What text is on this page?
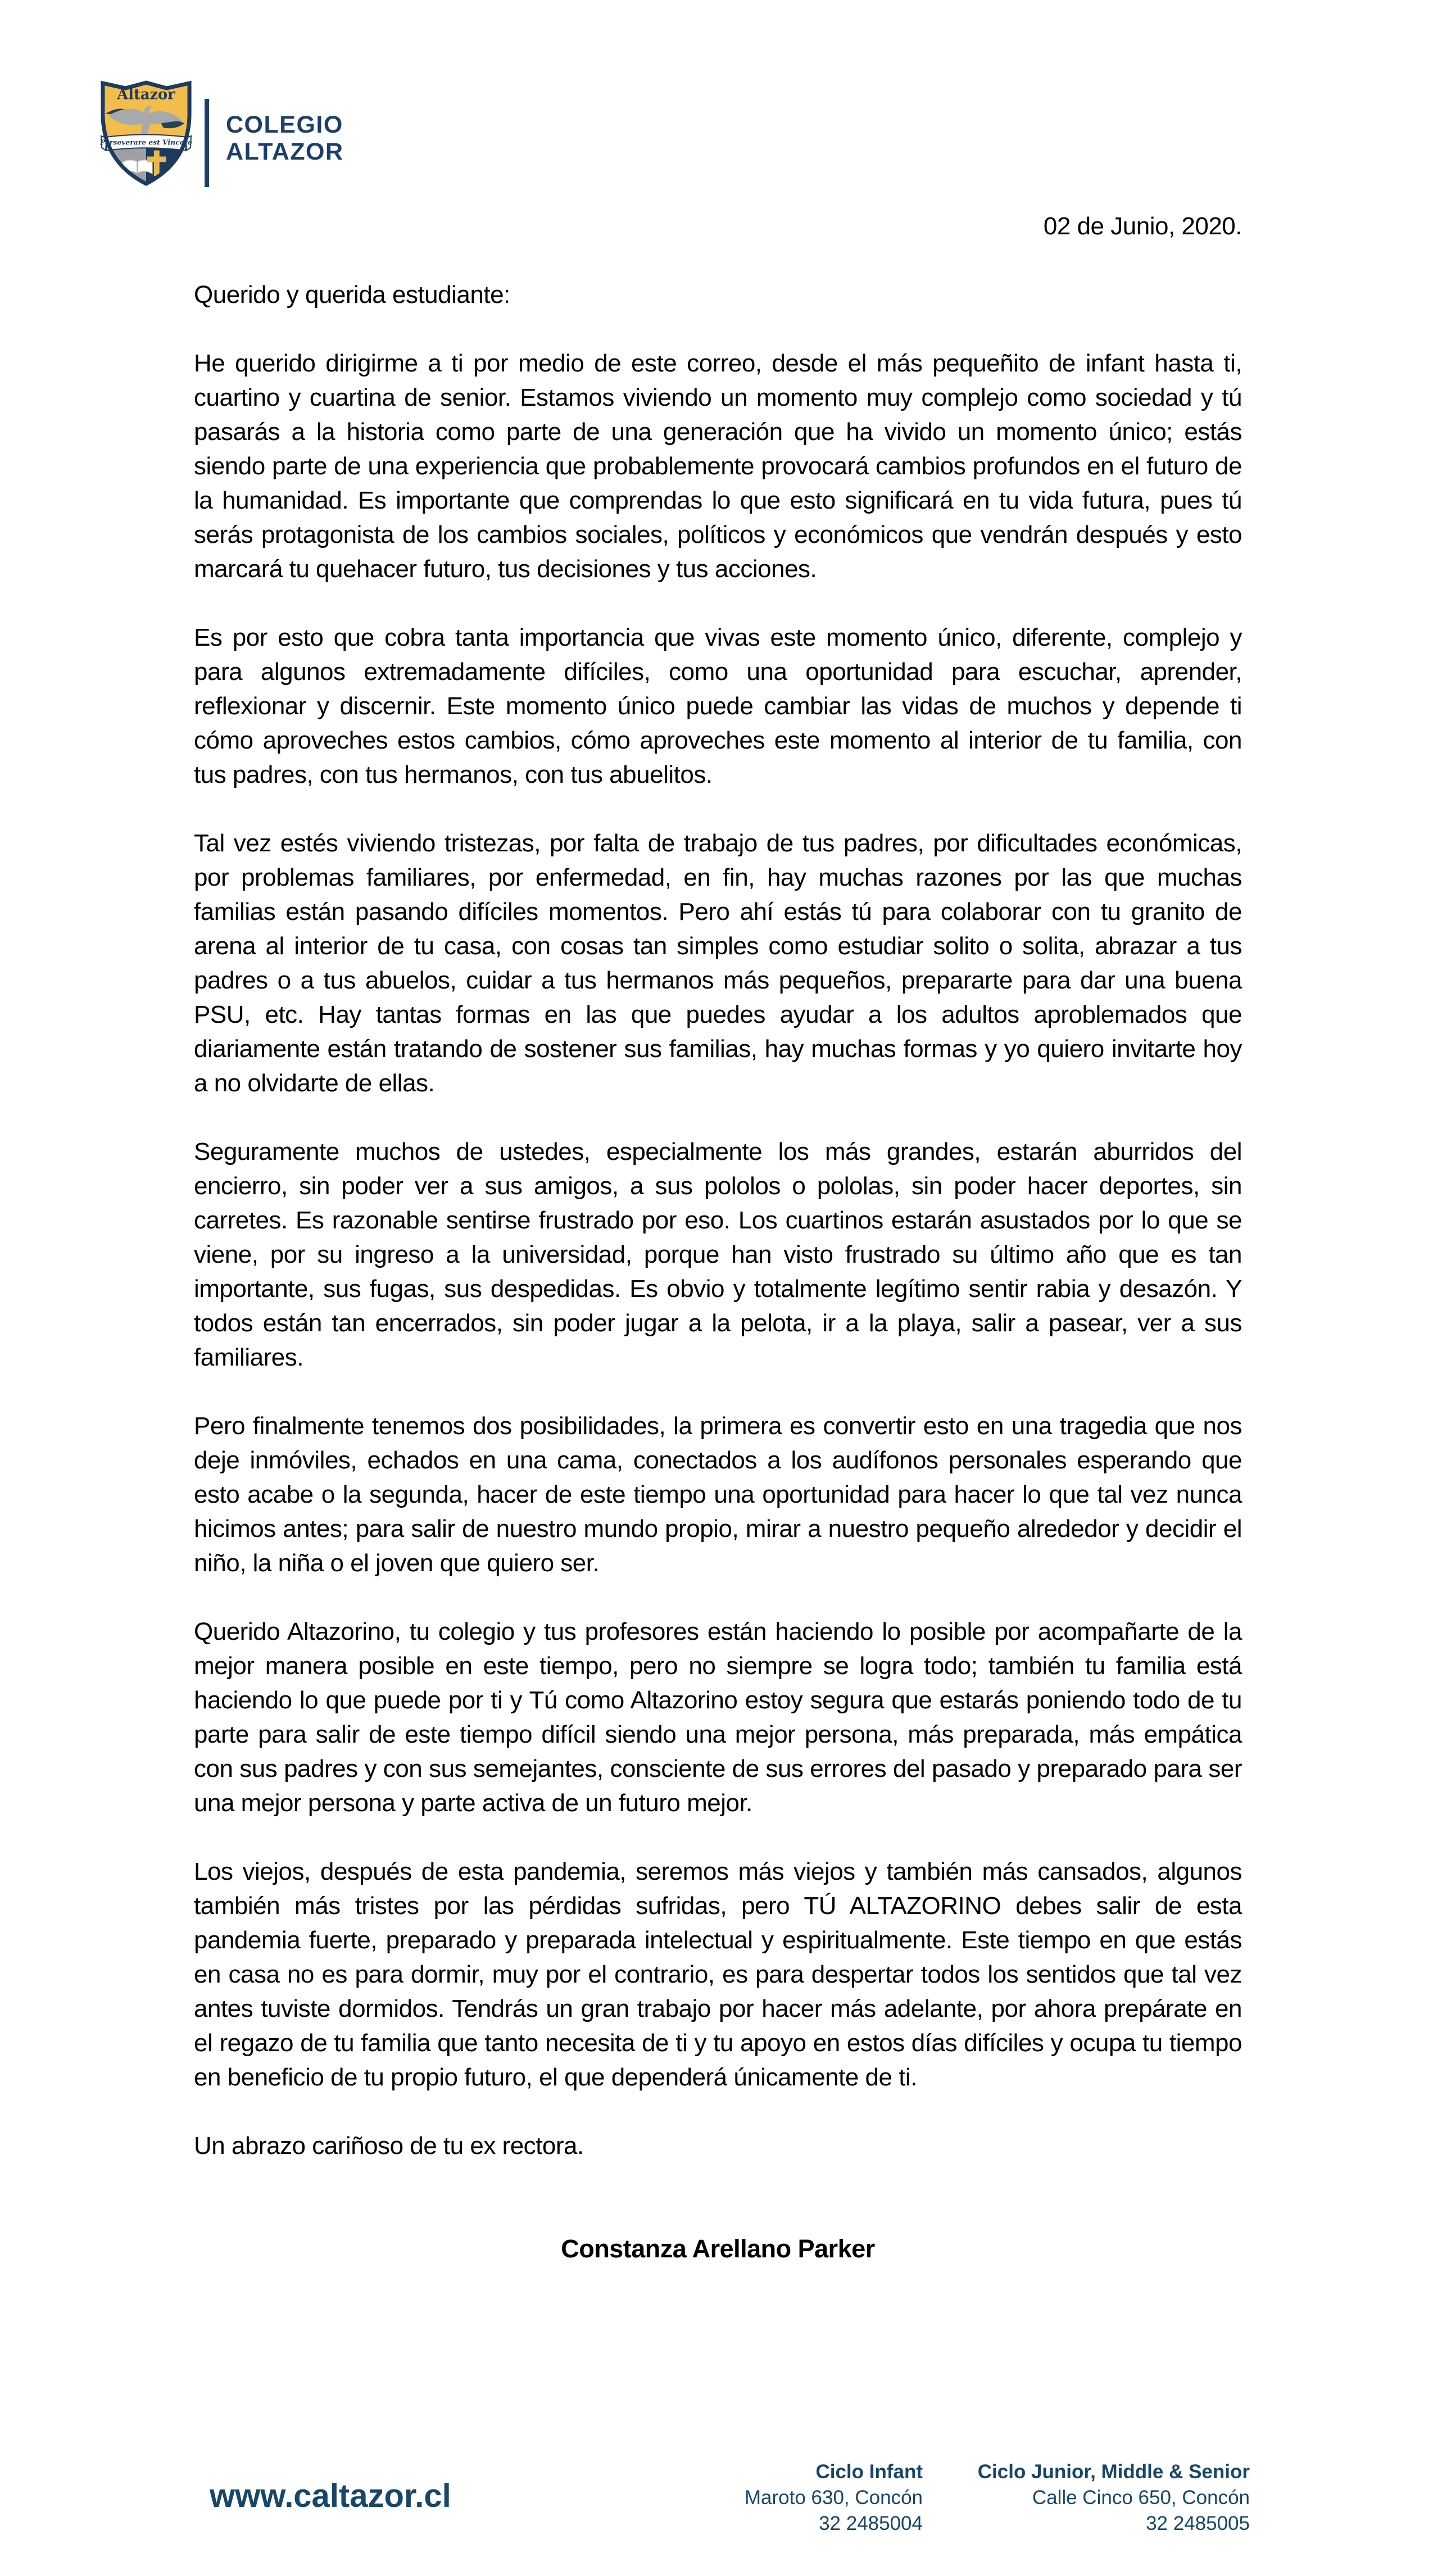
Perseverare est Vincere
Altazor
COLEGIO
ALTAZOR
02 de Junio, 2020.
Querido y querida estudiante:

He querido dirigirme a ti por medio de este correo, desde el más pequeñito de infant hasta ti, cuartino y cuartina de senior. Estamos viviendo un momento muy complejo como sociedad y tú pasarás a la historia como parte de una generación que ha vivido un momento único; estás siendo parte de una experiencia que probablemente provocará cambios profundos en el futuro de la humanidad. Es importante que comprendas lo que esto significará en tu vida futura, pues tú serás protagonista de los cambios sociales, políticos y económicos que vendrán después y esto marcará tu quehacer futuro, tus decisiones y tus acciones.

Es por esto que cobra tanta importancia que vivas este momento único, diferente, complejo y para algunos extremadamente difíciles, como una oportunidad para escuchar, aprender, reflexionar y discernir. Este momento único puede cambiar las vidas de muchos y depende ti cómo aproveches estos cambios, cómo aproveches este momento al interior de tu familia, con tus padres, con tus hermanos, con tus abuelitos.

Tal vez estés viviendo tristezas, por falta de trabajo de tus padres, por dificultades económicas, por problemas familiares, por enfermedad, en fin, hay muchas razones por las que muchas familias están pasando difíciles momentos. Pero ahí estás tú para colaborar con tu granito de arena al interior de tu casa, con cosas tan simples como estudiar solito o solita, abrazar a tus padres o a tus abuelos, cuidar a tus hermanos más pequeños, prepararte para dar una buena PSU, etc. Hay tantas formas en las que puedes ayudar a los adultos aproblemados que diariamente están tratando de sostener sus familias, hay muchas formas y yo quiero invitarte hoy a no olvidarte de ellas.

Seguramente muchos de ustedes, especialmente los más grandes, estarán aburridos del encierro, sin poder ver a sus amigos, a sus pololos o pololas, sin poder hacer deportes, sin carretes. Es razonable sentirse frustrado por eso. Los cuartinos estarán asustados por lo que se viene, por su ingreso a la universidad, porque han visto frustrado su último año que es tan importante, sus fugas, sus despedidas. Es obvio y totalmente legítimo sentir rabia y desazón. Y todos están tan encerrados, sin poder jugar a la pelota, ir a la playa, salir a pasear, ver a sus familiares.

Pero finalmente tenemos dos posibilidades, la primera es convertir esto en una tragedia que nos deje inmóviles, echados en una cama, conectados a los audífonos personales esperando que esto acabe o la segunda, hacer de este tiempo una oportunidad para hacer lo que tal vez nunca hicimos antes; para salir de nuestro mundo propio, mirar a nuestro pequeño alrededor y decidir el niño, la niña o el joven que quiero ser.

Querido Altazorino, tu colegio y tus profesores están haciendo lo posible por acompañarte de la mejor manera posible en este tiempo, pero no siempre se logra todo; también tu familia está haciendo lo que puede por ti y Tú como Altazorino estoy segura que estarás poniendo todo de tu parte para salir de este tiempo difícil siendo una mejor persona, más preparada, más empática con sus padres y con sus semejantes, consciente de sus errores del pasado y preparado para ser una mejor persona y parte activa de un futuro mejor.

Los viejos, después de esta pandemia, seremos más viejos y también más cansados, algunos también más tristes por las pérdidas sufridas, pero TÚ ALTAZORINO debes salir de esta pandemia fuerte, preparado y preparada intelectual y espiritualmente. Este tiempo en que estás en casa no es para dormir, muy por el contrario, es para despertar todos los sentidos que tal vez antes tuviste dormidos. Tendrás un gran trabajo por hacer más adelante, por ahora prepárate en el regazo de tu familia que tanto necesita de ti y tu apoyo en estos días difíciles y ocupa tu tiempo en beneficio de tu propio futuro, el que dependerá únicamente de ti.

Un abrazo cariñoso de tu ex rectora.
Constanza Arellano Parker
www.caltazor.cl
Ciclo Infant
Maroto 630, Concón
32 2485004
Ciclo Junior, Middle & Senior
Calle Cinco 650, Concón
32 2485005
